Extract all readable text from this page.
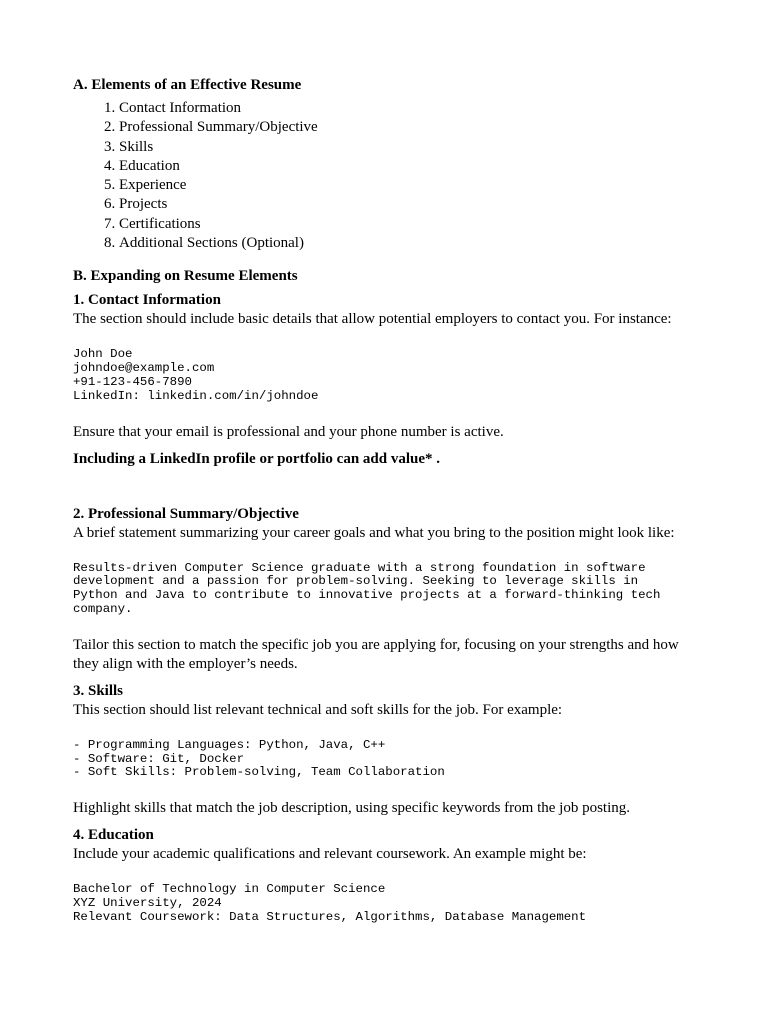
A. Elements of an Effective Resume
1. Contact Information
2. Professional Summary/Objective
3. Skills
4. Education
5. Experience
6. Projects
7. Certifications
8. Additional Sections (Optional)
B. Expanding on Resume Elements
1. Contact Information

The section should include basic details that allow potential employers to contact you. For instance:

John Doe
johndoe@example.com
+91-123-456-7890
LinkedIn: linkedin.com/in/johndoe

Ensure that your email is professional and your phone number is active.

Including a LinkedIn profile or portfolio can add value* .

2. Professional Summary/Objective

A brief statement summarizing your career goals and what you bring to the position might look like:

Results-driven Computer Science graduate with a strong foundation in software
development and a passion for problem-solving. Seeking to leverage skills in
Python and Java to contribute to innovative projects at a forward-thinking tech
company.

Tailor this section to match the specific job you are applying for, focusing on your strengths and how they align with the employer’s needs.

3. Skills

This section should list relevant technical and soft skills for the job. For example:

- Programming Languages: Python, Java, C++
- Software: Git, Docker
- Soft Skills: Problem-solving, Team Collaboration

Highlight skills that match the job description, using specific keywords from the job posting.

4. Education

Include your academic qualifications and relevant coursework. An example might be:

Bachelor of Technology in Computer Science
XYZ University, 2024
Relevant Coursework: Data Structures, Algorithms, Database Management
